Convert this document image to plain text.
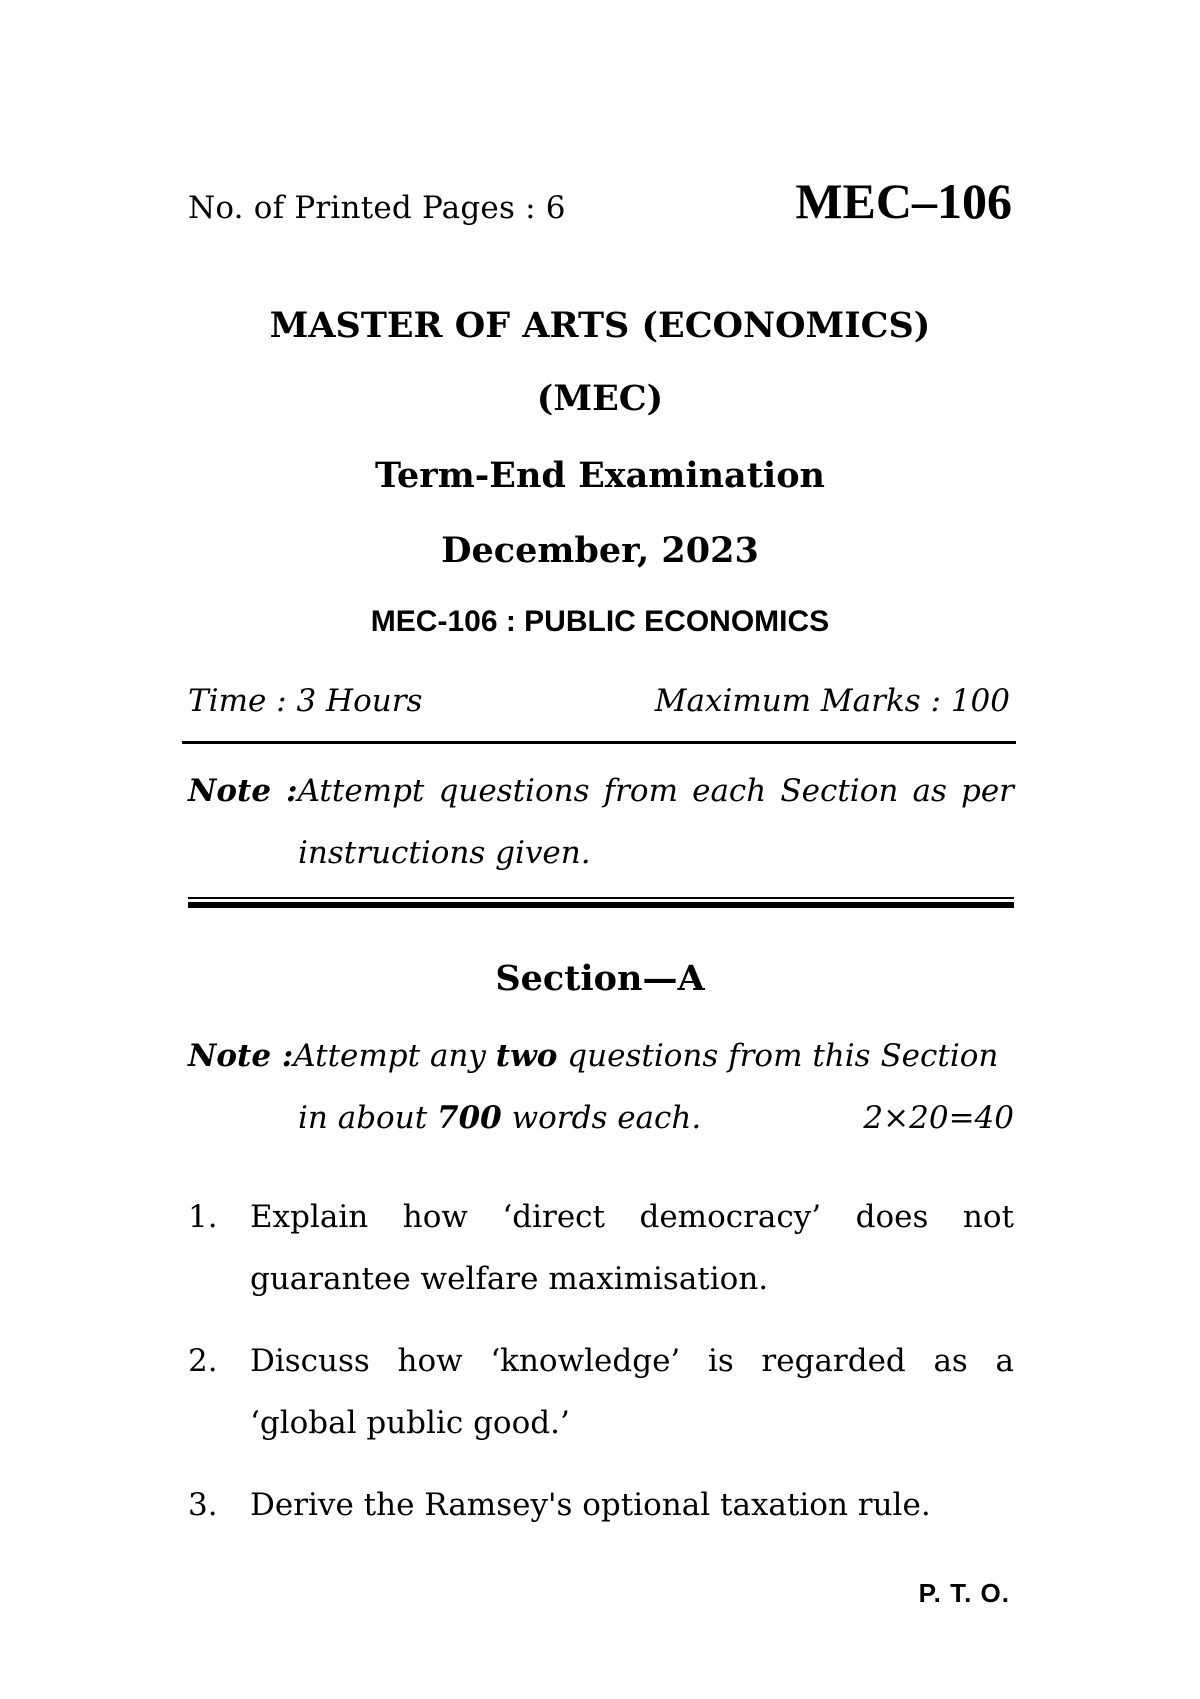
No. of Printed Pages : 6	MEC–106
MASTER OF ARTS (ECONOMICS)
(MEC)
Term-End Examination
December, 2023
MEC-106 : PUBLIC ECONOMICS
Time : 3 Hours	Maximum Marks : 100
Note :Attempt questions from each Section as per
instructions given.
Section—A
Note :Attempt any two questions from this Section
in about 700 words each.	2×20=40
1.	Explain how ‘direct democracy’ does not guarantee welfare maximisation.
2.	Discuss how ‘knowledge’ is regarded as a ‘global public good.’
3.	Derive the Ramsey's optional taxation rule.
P. T. O.
